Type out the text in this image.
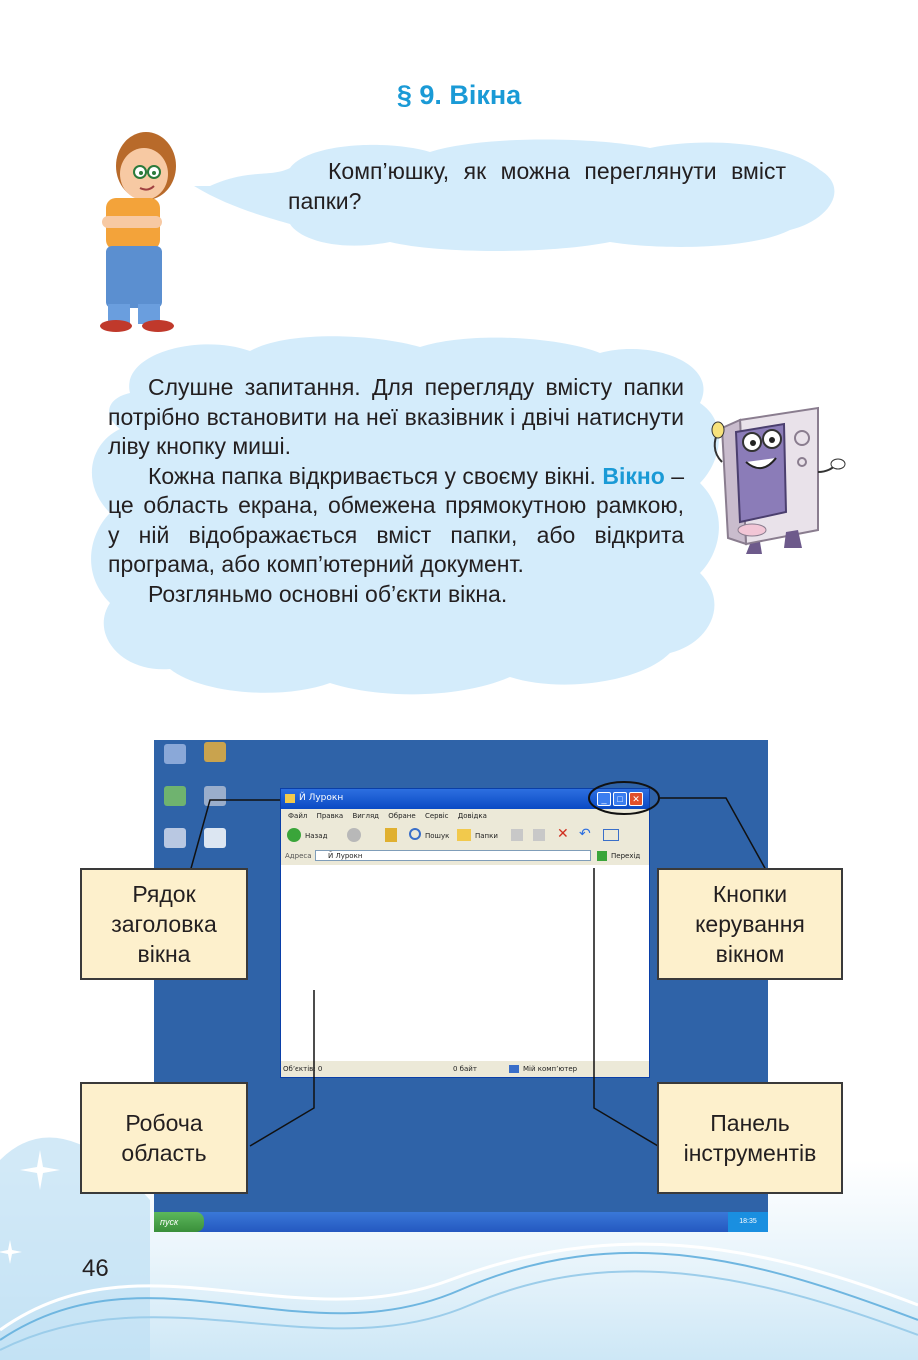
§ 9. Вікна
Комп’юшку, як можна переглянути вміст папки?

Слушне запитання. Для перегляду вмісту папки потрібно встановити на неї вказівник і двічі натиснути ліву кнопку миші.

Кожна папка відкривається у своєму вікні. Вікно – це область екрана, обмежена прямокутною рамкою, у ній відображається вміст папки, або відкрита програма, або комп’ютерний документ.

Розгляньмо основні об’єкти вікна.

Й Лурокн	_	□	✕
Файл Правка Вигляд Обране Сервіс Довідка
Назад	Пошук	Папки	✕ ↶
Адреса	Й Лурокн	Перехід
Об’єктів: 0	0 байт	Мій комп’ютер
пуск	18:35
Рядок заголовка вікна
Кнопки керування вікном
Робоча область
Панель інструментів
46
